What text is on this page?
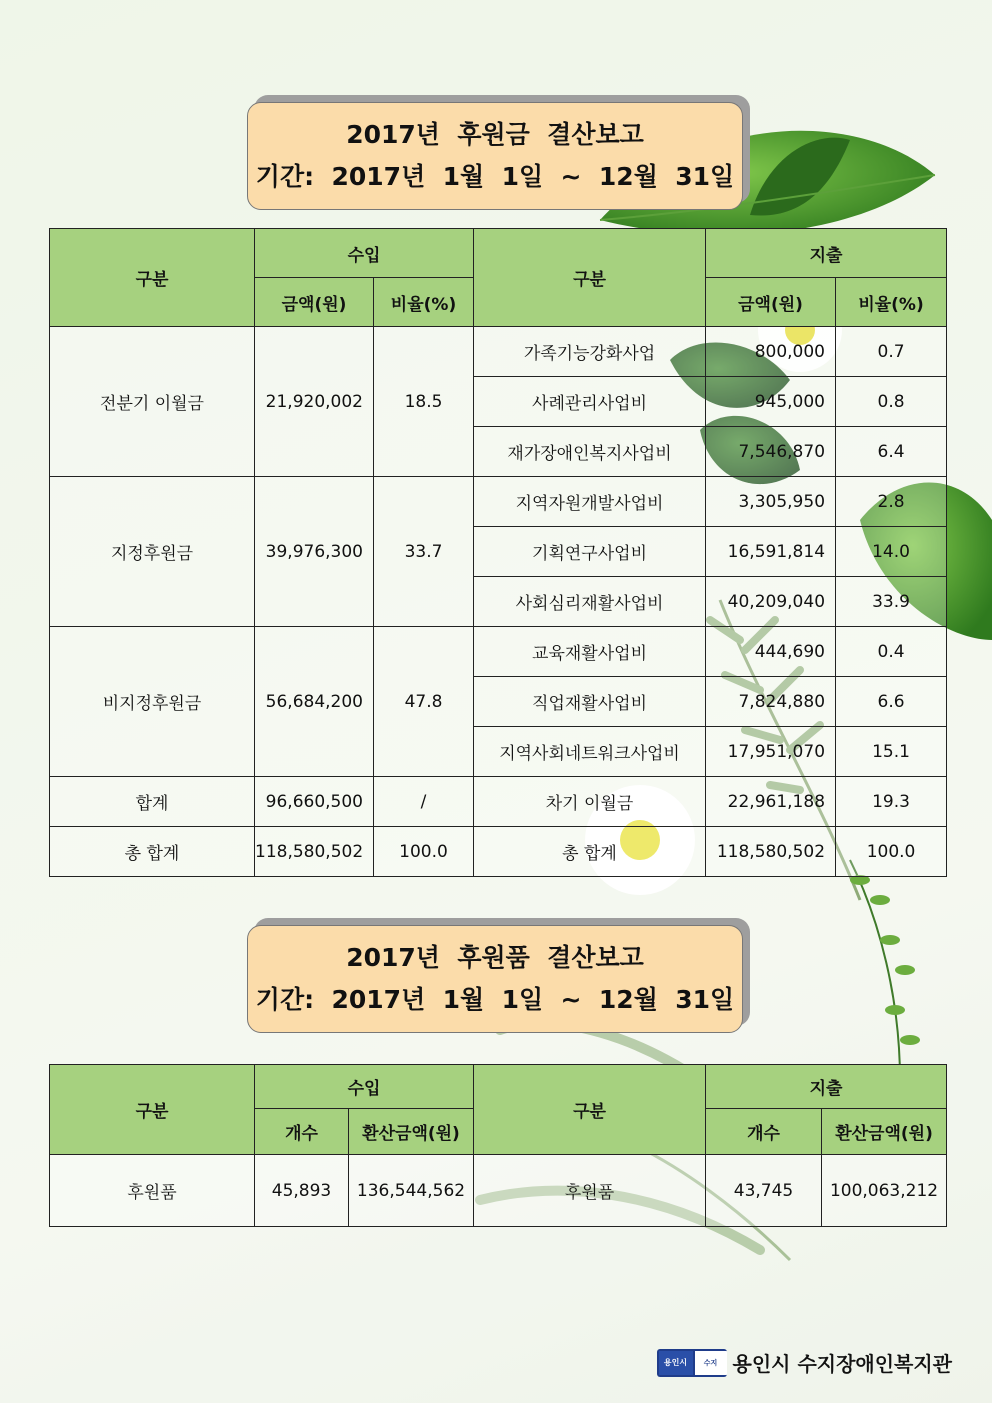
2017년  후원금  결산보고
기간:  2017년  1월  1일  ~  12월  31일
구분	수입		구분	지출	
	금액(원)	비율(%)		금액(원)	비율(%)
전분기 이월금	21,920,002	18.5	가족기능강화사업	800,000	0.7
			사례관리사업비	945,000	0.8
			재가장애인복지사업비	7,546,870	6.4
지정후원금	39,976,300	33.7	지역자원개발사업비	3,305,950	2.8
			기획연구사업비	16,591,814	14.0
			사회심리재활사업비	40,209,040	33.9
비지정후원금	56,684,200	47.8	교육재활사업비	444,690	0.4
			직업재활사업비	7,824,880	6.6
			지역사회네트워크사업비	17,951,070	15.1
합계	96,660,500	/	차기 이월금	22,961,188	19.3
총 합계	118,580,502	100.0	총 합계	118,580,502	100.0
2017년  후원품  결산보고
기간:  2017년  1월  1일  ~  12월  31일
구분	수입		구분	지출	
	개수	환산금액(원)		개수	환산금액(원)
후원품	45,893	136,544,562	후원품	43,745	100,063,212
용인시	수지 용인시 수지장애인복지관
